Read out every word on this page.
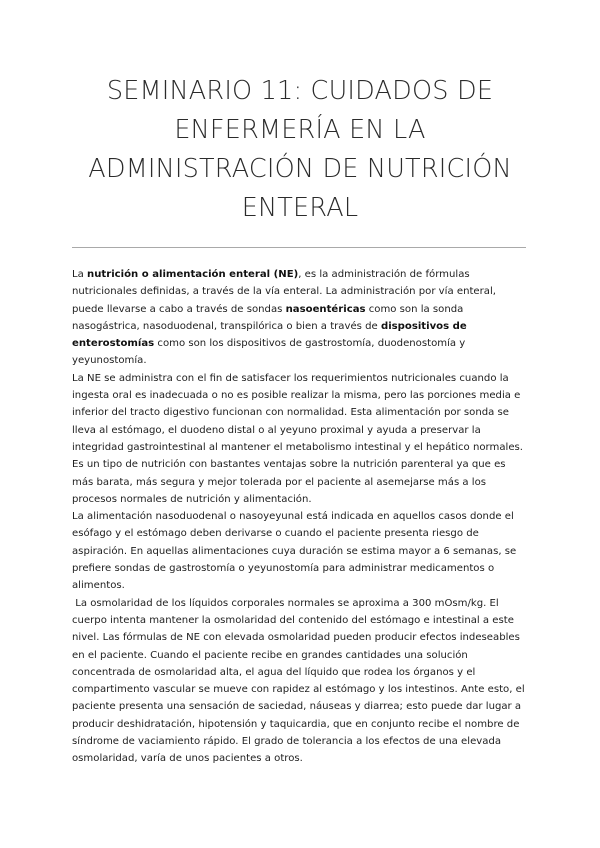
SEMINARIO 11: CUIDADOS DE
ENFERMERÍA EN LA
ADMINISTRACIÓN DE NUTRICIÓN
ENTERAL

La nutrición o alimentación enteral (NE), es la administración de fórmulas nutricionales definidas, a través de la vía enteral. La administración por vía enteral, puede llevarse a cabo a través de sondas nasoentéricas como son la sonda nasogástrica, nasoduodenal, transpilórica o bien a través de dispositivos de enterostomías como son los dispositivos de gastrostomía, duodenostomía y yeyunostomía.

La NE se administra con el fin de satisfacer los requerimientos nutricionales cuando la ingesta oral es inadecuada o no es posible realizar la misma, pero las porciones media e inferior del tracto digestivo funcionan con normalidad. Esta alimentación por sonda se lleva al estómago, el duodeno distal o al yeyuno proximal y ayuda a preservar la integridad gastrointestinal al mantener el metabolismo intestinal y el hepático normales. Es un tipo de nutrición con bastantes ventajas sobre la nutrición parenteral ya que es más barata, más segura y mejor tolerada por el paciente al asemejarse más a los procesos normales de nutrición y alimentación.

La alimentación nasoduodenal o nasoyeyunal está indicada en aquellos casos donde el esófago y el estómago deben derivarse o cuando el paciente presenta riesgo de aspiración. En aquellas alimentaciones cuya duración se estima mayor a 6 semanas, se prefiere sondas de gastrostomía o yeyunostomía para administrar medicamentos o alimentos.

La osmolaridad de los líquidos corporales normales se aproxima a 300 mOsm/kg. El cuerpo intenta mantener la osmolaridad del contenido del estómago e intestinal a este nivel. Las fórmulas de NE con elevada osmolaridad pueden producir efectos indeseables en el paciente. Cuando el paciente recibe en grandes cantidades una solución concentrada de osmolaridad alta, el agua del líquido que rodea los órganos y el compartimento vascular se mueve con rapidez al estómago y los intestinos. Ante esto, el paciente presenta una sensación de saciedad, náuseas y diarrea; esto puede dar lugar a producir deshidratación, hipotensión y taquicardia, que en conjunto recibe el nombre de síndrome de vaciamiento rápido. El grado de tolerancia a los efectos de una elevada osmolaridad, varía de unos pacientes a otros.
